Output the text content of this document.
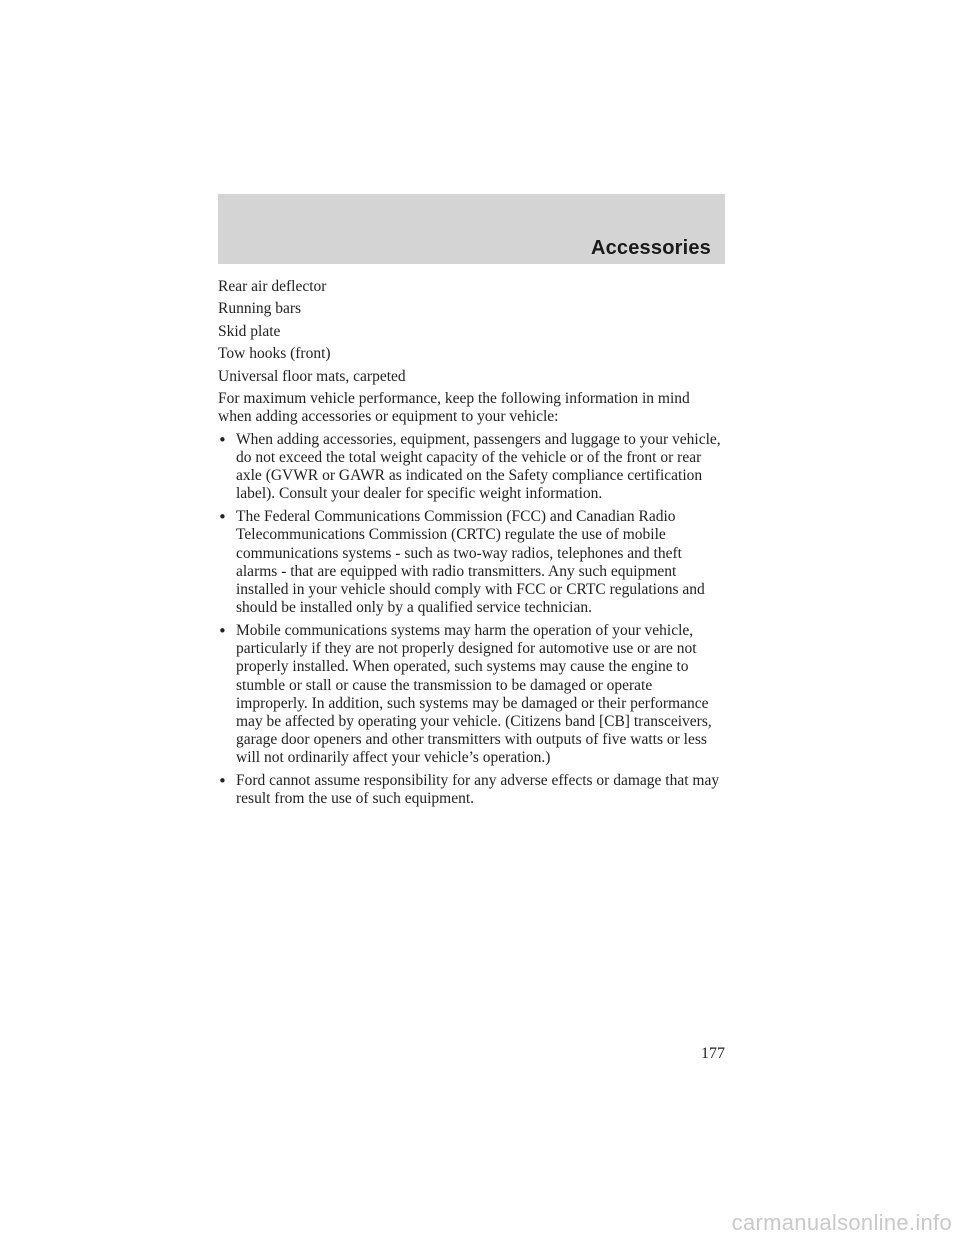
Accessories

Rear air deflector

Running bars

Skid plate

Tow hooks (front)

Universal floor mats, carpeted

For maximum vehicle performance, keep the following information in mind when adding accessories or equipment to your vehicle:

• When adding accessories, equipment, passengers and luggage to your vehicle, do not exceed the total weight capacity of the vehicle or of the front or rear axle (GVWR or GAWR as indicated on the Safety compliance certification label). Consult your dealer for specific weight information.
• The Federal Communications Commission (FCC) and Canadian Radio Telecommunications Commission (CRTC) regulate the use of mobile communications systems - such as two-way radios, telephones and theft alarms - that are equipped with radio transmitters. Any such equipment installed in your vehicle should comply with FCC or CRTC regulations and should be installed only by a qualified service technician.
• Mobile communications systems may harm the operation of your vehicle, particularly if they are not properly designed for automotive use or are not properly installed. When operated, such systems may cause the engine to stumble or stall or cause the transmission to be damaged or operate improperly. In addition, such systems may be damaged or their performance may be affected by operating your vehicle. (Citizens band [CB] transceivers, garage door openers and other transmitters with outputs of five watts or less will not ordinarily affect your vehicle’s operation.)
• Ford cannot assume responsibility for any adverse effects or damage that may result from the use of such equipment.
177
carmanualsonline.info
